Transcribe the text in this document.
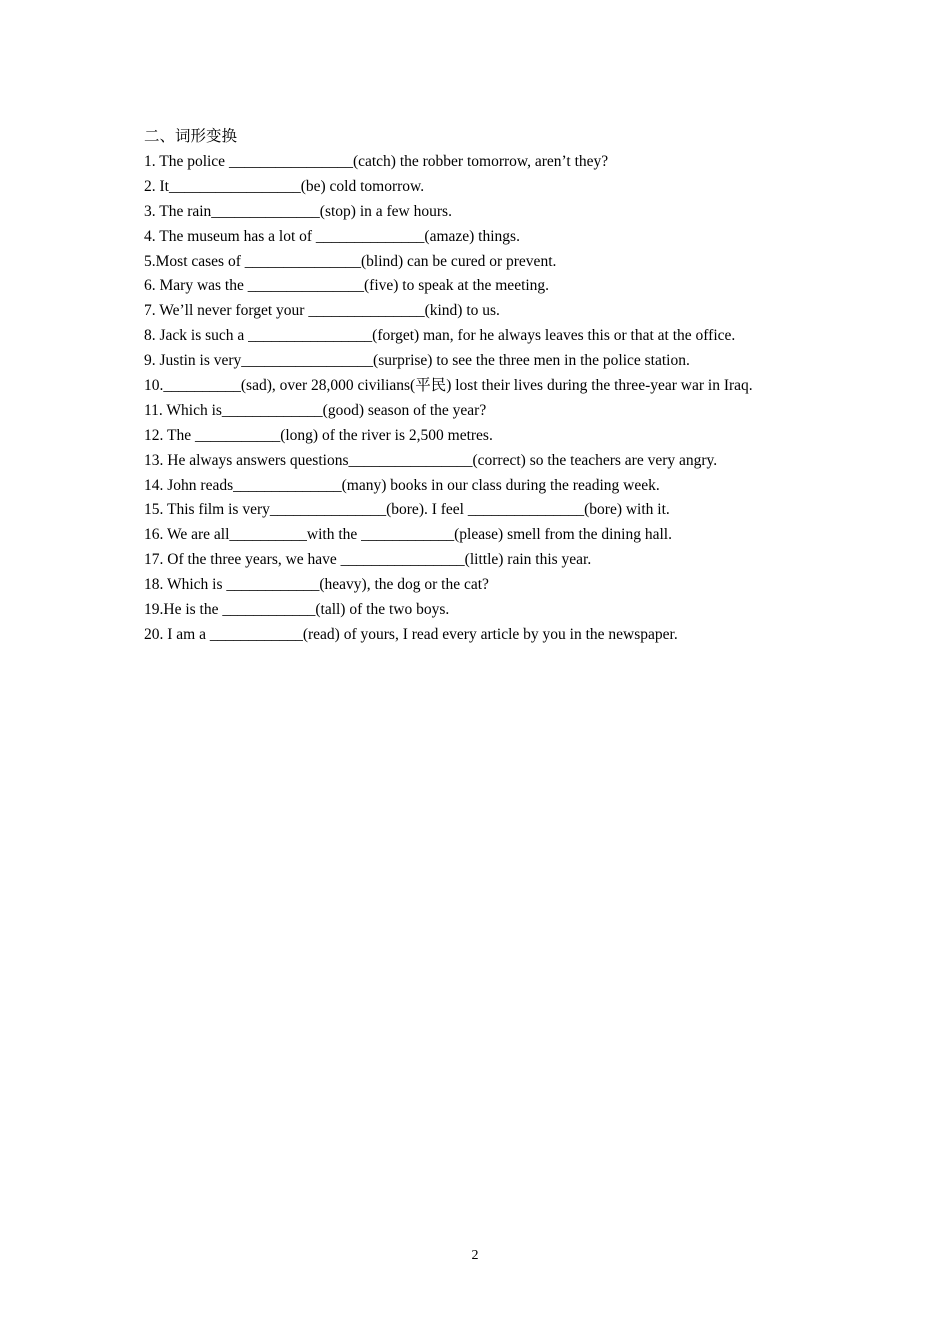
二、词形变换
1. The police ________________(catch) the robber tomorrow, aren’t they?
2. It_________________(be) cold tomorrow.
3. The rain______________(stop) in a few hours.
4. The museum has a lot of ______________(amaze) things.
5.Most cases of _______________(blind) can be cured or prevent.
6. Mary was the _______________(five) to speak at the meeting.
7. We’ll never forget your _______________(kind) to us.
8. Jack is such a ________________(forget) man, for he always leaves this or that at the office.
9. Justin is very_________________(surprise) to see the three men in the police station.
10.__________(sad), over 28,000 civilians(平民) lost their lives during the three-year war in Iraq.
11. Which is_____________(good) season of the year?
12. The ___________(long) of the river is 2,500 metres.
13. He always answers questions________________(correct) so the teachers are very angry.
14. John reads______________(many) books in our class during the reading week.
15. This film is very_______________(bore). I feel _______________(bore) with it.
16. We are all__________with the ____________(please) smell from the dining hall.
17. Of the three years, we have ________________(little) rain this year.
18. Which is ____________(heavy), the dog or the cat?
19.He is the ____________(tall) of the two boys.
20. I am a ____________(read) of yours, I read every article by you in the newspaper.
2
